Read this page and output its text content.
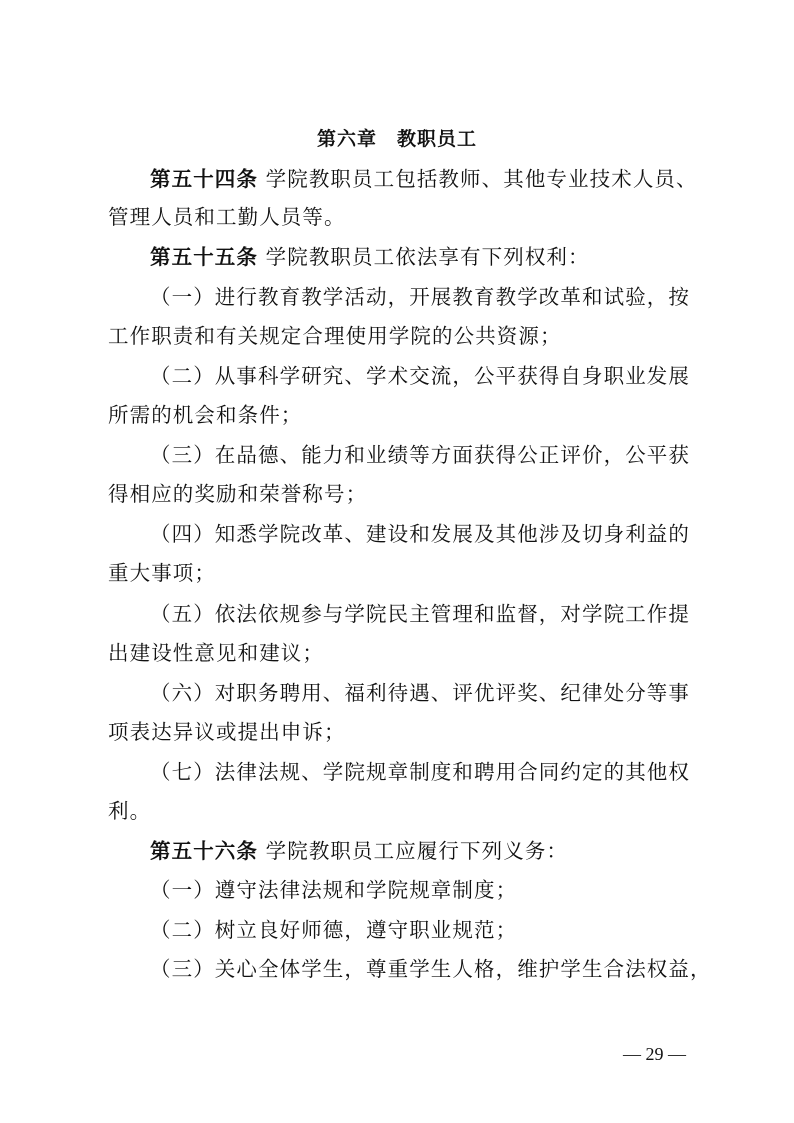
第六章　教职员工

第五十四条 学院教职员工包括教师、其他专业技术人员、

管理人员和工勤人员等。

第五十五条 学院教职员工依法享有下列权利：

（一）进行教育教学活动，开展教育教学改革和试验，按

工作职责和有关规定合理使用学院的公共资源；

（二）从事科学研究、学术交流，公平获得自身职业发展

所需的机会和条件；

（三）在品德、能力和业绩等方面获得公正评价，公平获

得相应的奖励和荣誉称号；

（四）知悉学院改革、建设和发展及其他涉及切身利益的

重大事项；

（五）依法依规参与学院民主管理和监督，对学院工作提

出建设性意见和建议；

（六）对职务聘用、福利待遇、评优评奖、纪律处分等事

项表达异议或提出申诉；

（七）法律法规、学院规章制度和聘用合同约定的其他权

利。

第五十六条 学院教职员工应履行下列义务：

（一）遵守法律法规和学院规章制度；

（二）树立良好师德，遵守职业规范；

（三）关心全体学生，尊重学生人格，维护学生合法权益，

— 29 —
